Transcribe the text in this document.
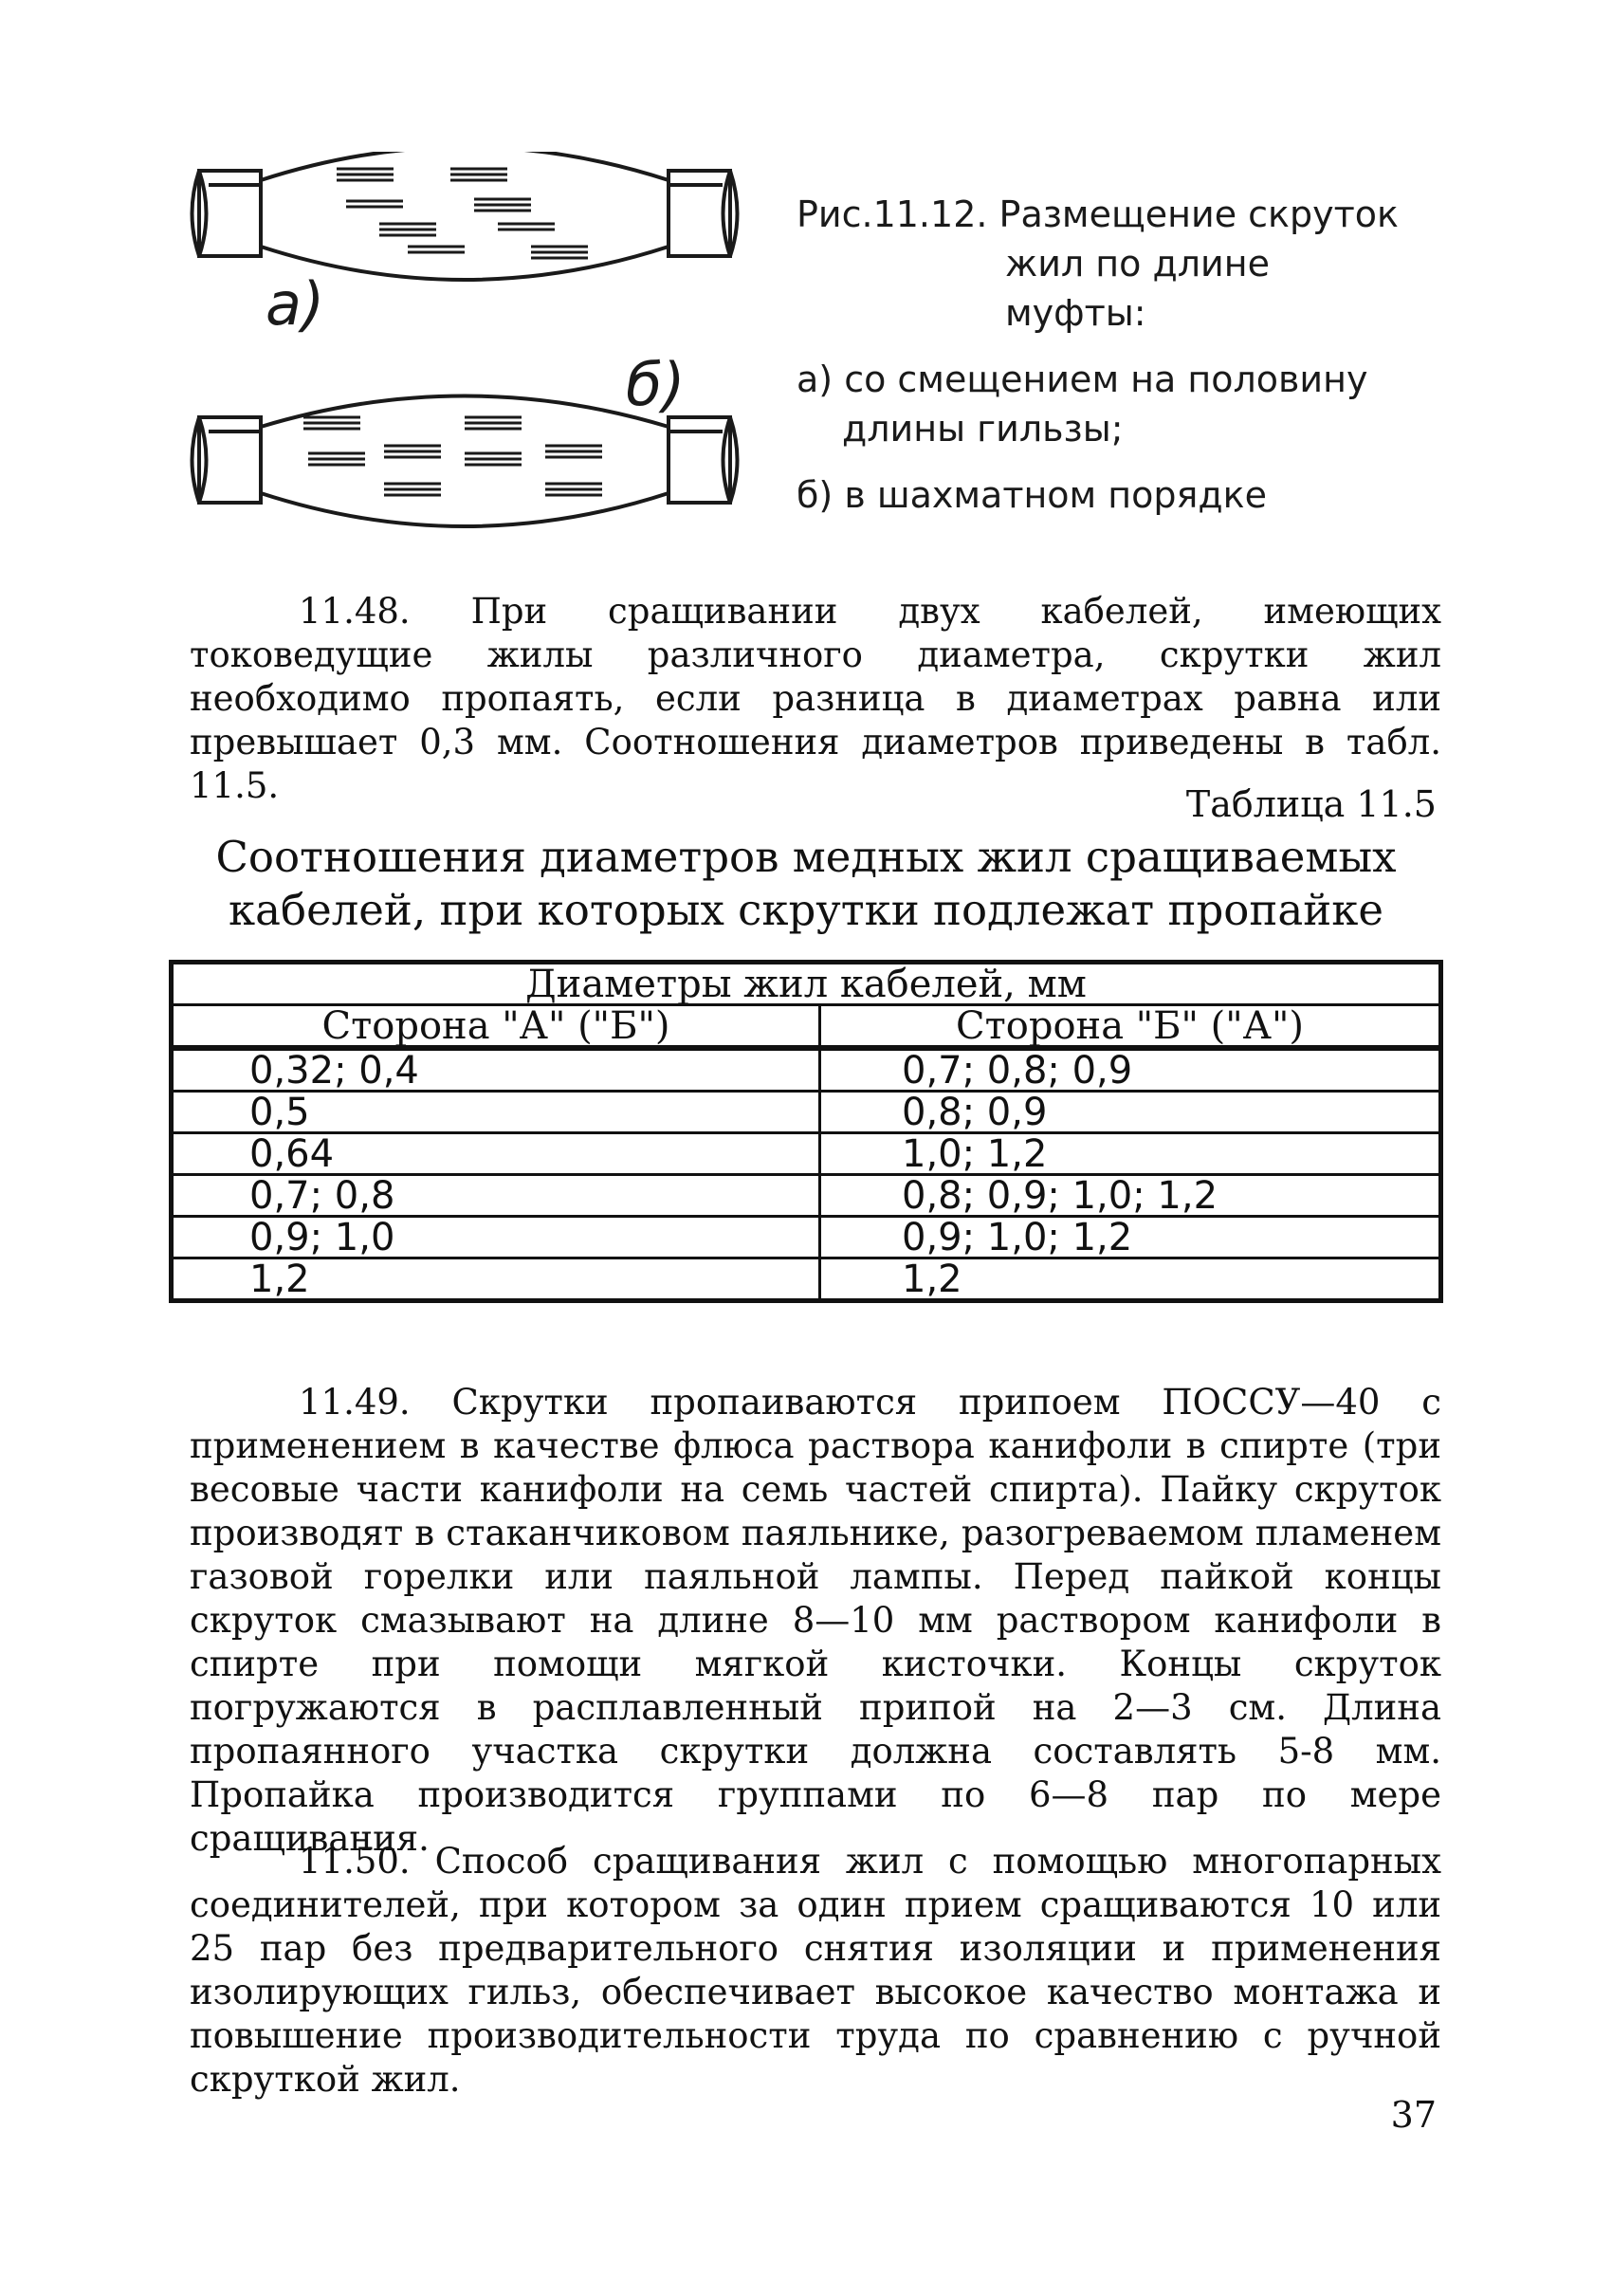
а)
б)

Рис.11.12. Размещение скруток

жил по длине муфты:

а) со смещением на половину длины гильзы;

б) в шахматном порядке

11.48. При сращивании двух кабелей, имеющих токоведущие жилы различного диаметра, скрутки жил необходимо пропаять, если разница в диаметрах равна или превышает 0,3 мм. Соотношения диаметров приведены в табл. 11.5.	Таблица 11.5

Соотношения диаметров медных жил сращиваемых
кабелей, при которых скрутки подлежат пропайке
Диаметры жил кабелей, мм	
Сторона "А" ("Б")	Сторона "Б" ("А")
0,32; 0,4	0,7; 0,8; 0,9
0,5	0,8; 0,9
0,64	1,0; 1,2
0,7; 0,8	0,8; 0,9; 1,0; 1,2
0,9; 1,0	0,9; 1,0; 1,2
1,2	1,2

11.49. Скрутки пропаиваются припоем ПОССУ—40 с применением в качестве флюса раствора канифоли в спирте (три весовые части канифоли на семь частей спирта). Пайку скруток производят в стаканчиковом паяльнике, разогреваемом пламенем газовой горелки или паяльной лампы. Перед пайкой концы скруток смазывают на длине 8—10 мм раствором канифоли в спирте при помощи мягкой кисточки. Концы скруток погружаются в расплавленный припой на 2—3 см. Длина пропаянного участка скрутки должна составлять 5-8 мм. Пропайка производится группами по 6—8 пар по мере сращивания.

11.50. Способ сращивания жил с помощью многопарных соединителей, при котором за один прием сращиваются 10 или 25 пар без предварительного снятия изоляции и применения изолирующих гильз, обеспечивает высокое качество монтажа и повышение производительности труда по сравнению с ручной скруткой жил.

37
